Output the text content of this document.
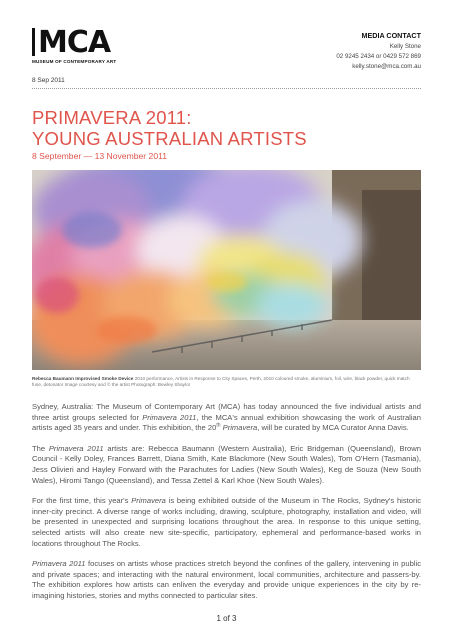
MCA
MUSEUM OF CONTEMPORARY ART
8 Sep 2011
MEDIA CONTACT
Kelly Stone
02 9245 2434 or 0429 572 869
kelly.stone@mca.com.au
PRIMAVERA 2011:
YOUNG AUSTRALIAN ARTISTS
8 September — 13 November 2011
Rebecca Baumann Improvised Smoke Device 2010 performance, Artists in Response to City Spaces, Perth, 2010 coloured smoke, aluminium, foil, wire, black powder, quick match fuse, detonator Image courtesy and © the artist Photograph: Bewley Shaylor

Sydney, Australia: The Museum of Contemporary Art (MCA) has today announced the five individual artists and three artist groups selected for Primavera 2011, the MCA's annual exhibition showcasing the work of Australian artists aged 35 years and under. This exhibition, the 20th Primavera, will be curated by MCA Curator Anna Davis.

The Primavera 2011 artists are: Rebecca Baumann (Western Australia), Eric Bridgeman (Queensland), Brown Council - Kelly Doley, Frances Barrett, Diana Smith, Kate Blackmore (New South Wales), Tom O'Hern (Tasmania), Jess Olivieri and Hayley Forward with the Parachutes for Ladies (New South Wales), Keg de Souza (New South Wales), Hiromi Tango (Queensland), and Tessa Zettel & Karl Khoe (New South Wales).

For the first time, this year's Primavera is being exhibited outside of the Museum in The Rocks, Sydney's historic inner-city precinct. A diverse range of works including, drawing, sculpture, photography, installation and video, will be presented in unexpected and surprising locations throughout the area. In response to this unique setting, selected artists will also create new site-specific, participatory, ephemeral and performance-based works in locations throughout The Rocks.

Primavera 2011 focuses on artists whose practices stretch beyond the confines of the gallery, intervening in public and private spaces; and interacting with the natural environment, local communities, architecture and passers-by. The exhibition explores how artists can enliven the everyday and provide unique experiences in the city by re-imagining histories, stories and myths connected to particular sites.

1 of 3
